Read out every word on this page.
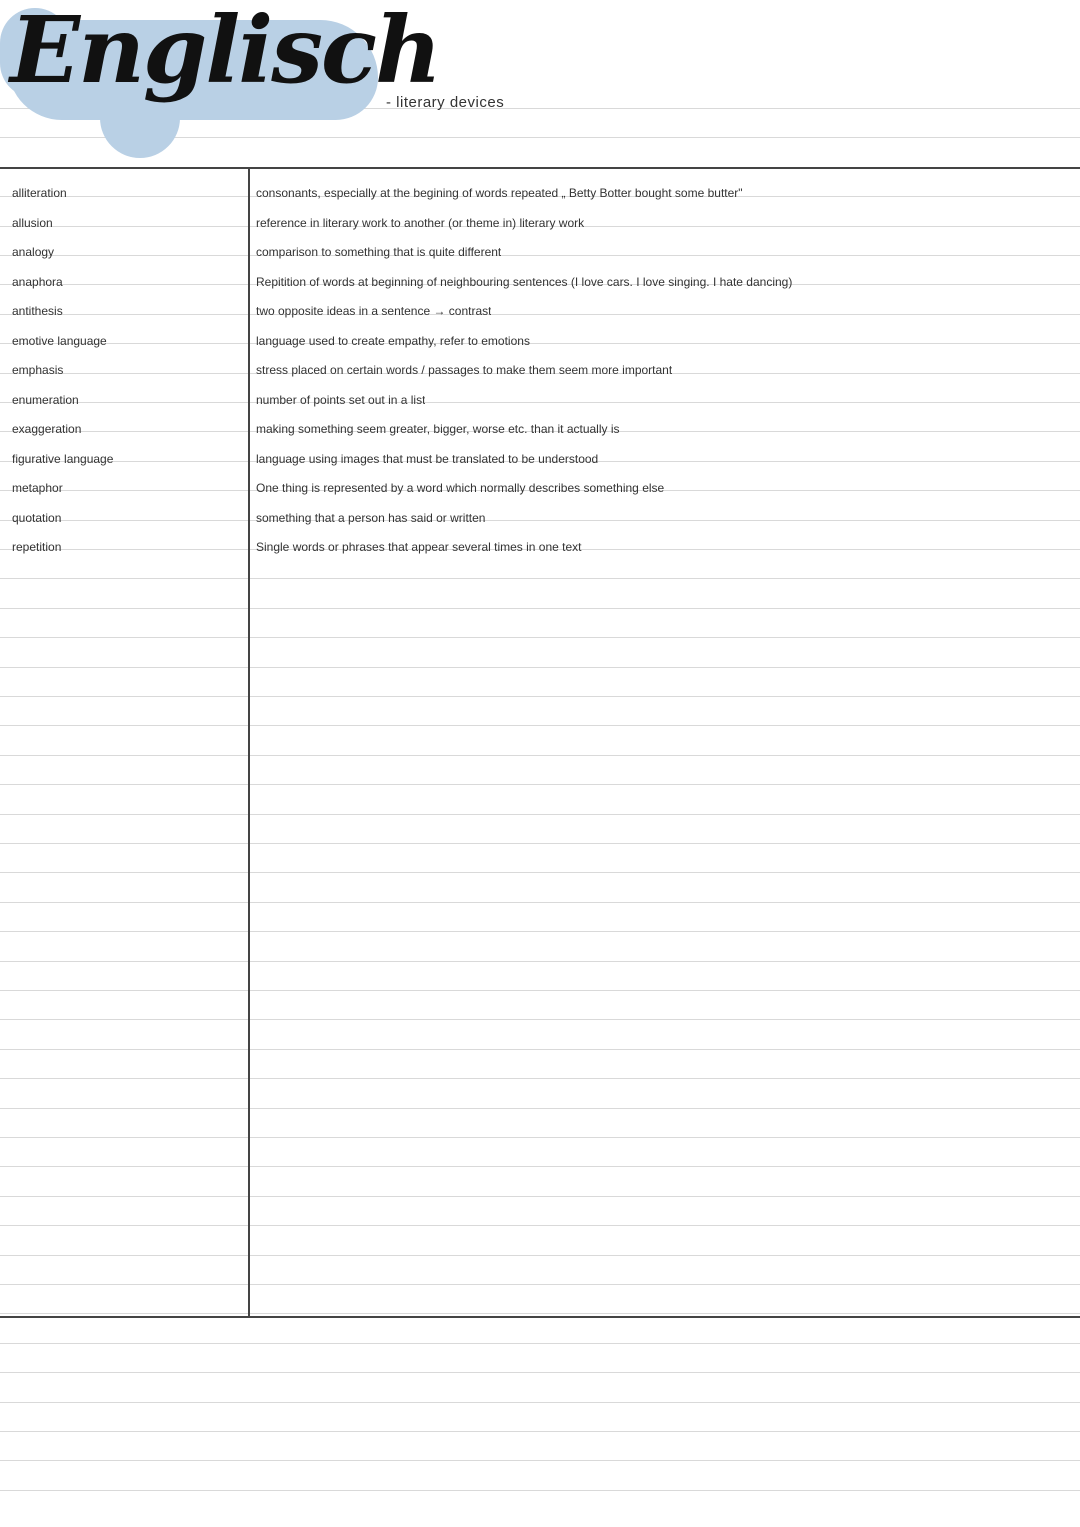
Englisch
- literary devices
alliteration	consonants, especially at the begining of words repeated „ Betty Botter bought some butter"
allusion	reference in literary work to another (or theme in) literary work
analogy	comparison to something that is quite different
anaphora	Repitition of words at beginning of neighbouring sentences (I love cars. I love singing. I hate dancing)
antithesis	two opposite ideas in a sentence → contrast
emotive language	language used to create empathy, refer to emotions
emphasis	stress placed on certain words / passages to make them seem more important
enumeration	number of points set out in a list
exaggeration	making something seem greater, bigger, worse etc. than it actually is
figurative language	language using images that must be translated to be understood
metaphor	One thing is represented by a word which normally describes something else
quotation	something that a person has said or written
repetition	Single words or phrases that appear several times in one text
